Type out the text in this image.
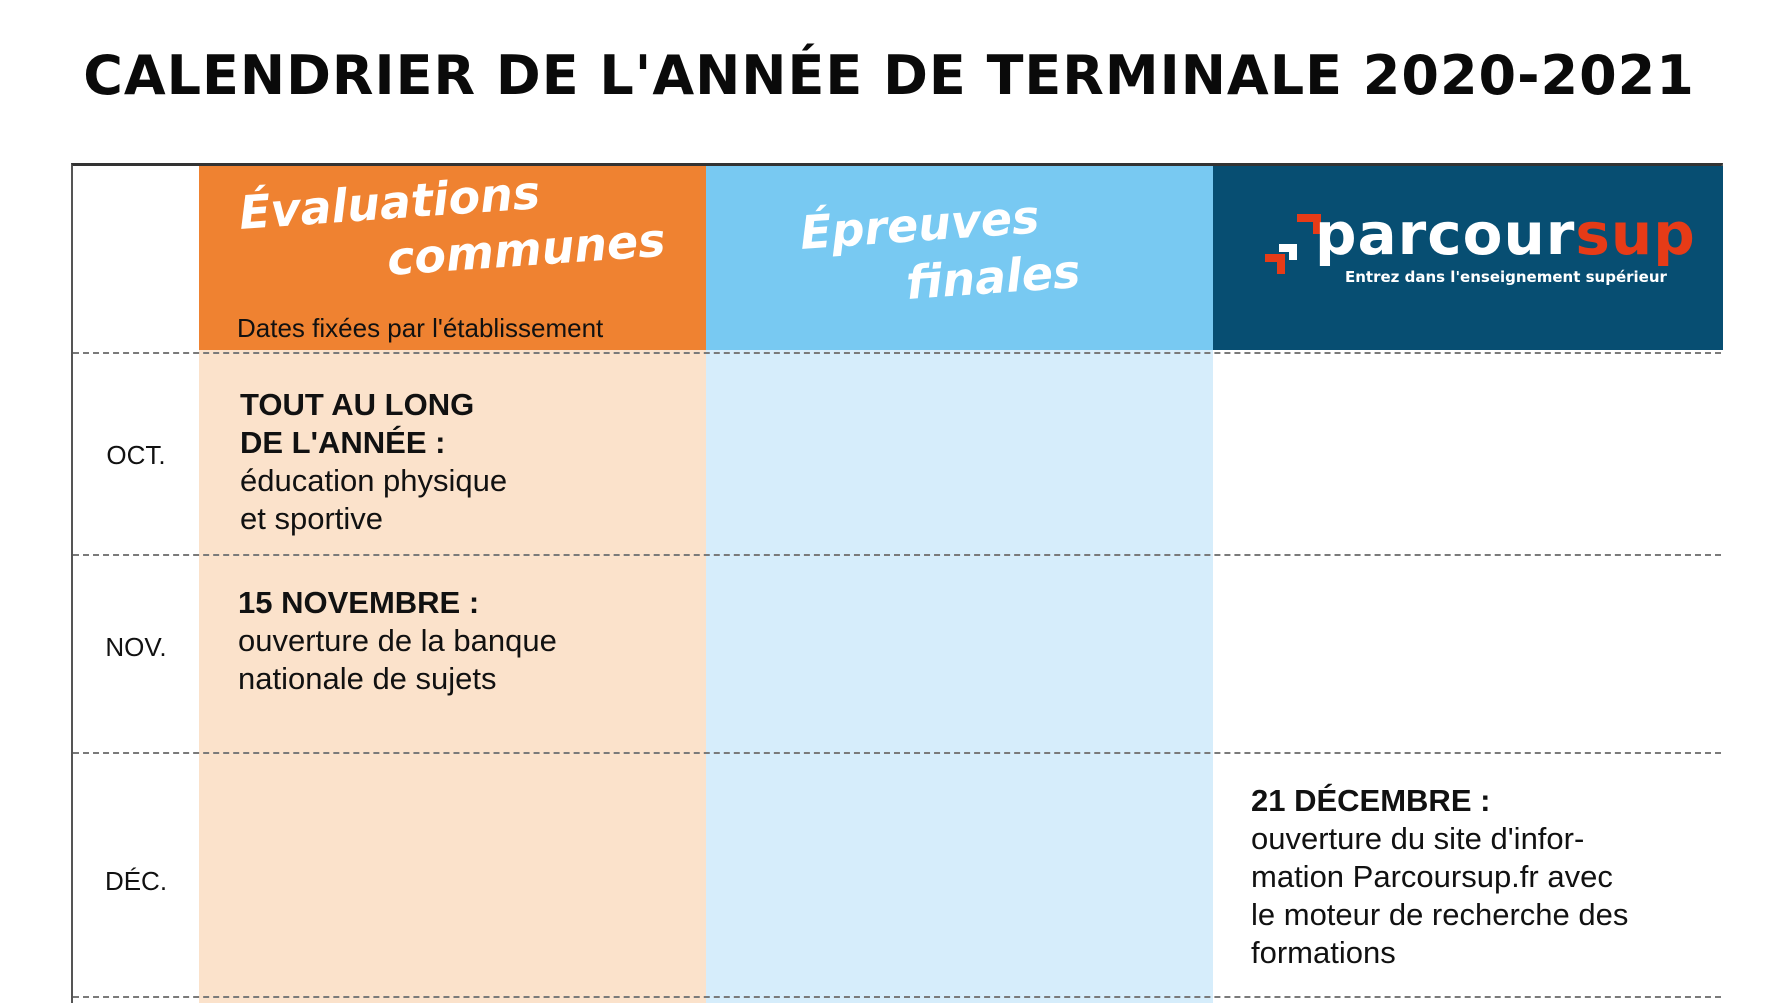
CALENDRIER DE L'ANNÉE DE TERMINALE 2020-2021
Évaluations
communes
Dates fixées par l'établissement
Épreuves
finales
parcoursup
Entrez dans l'enseignement supérieur
OCT.
TOUT AU LONG
DE L'ANNÉE :
éducation physique
et sportive
NOV.
15 NOVEMBRE :
ouverture de la banque
nationale de sujets
DÉC.
21 DÉCEMBRE :
ouverture du site d'infor-
mation Parcoursup.fr avec
le moteur de recherche des
formations
